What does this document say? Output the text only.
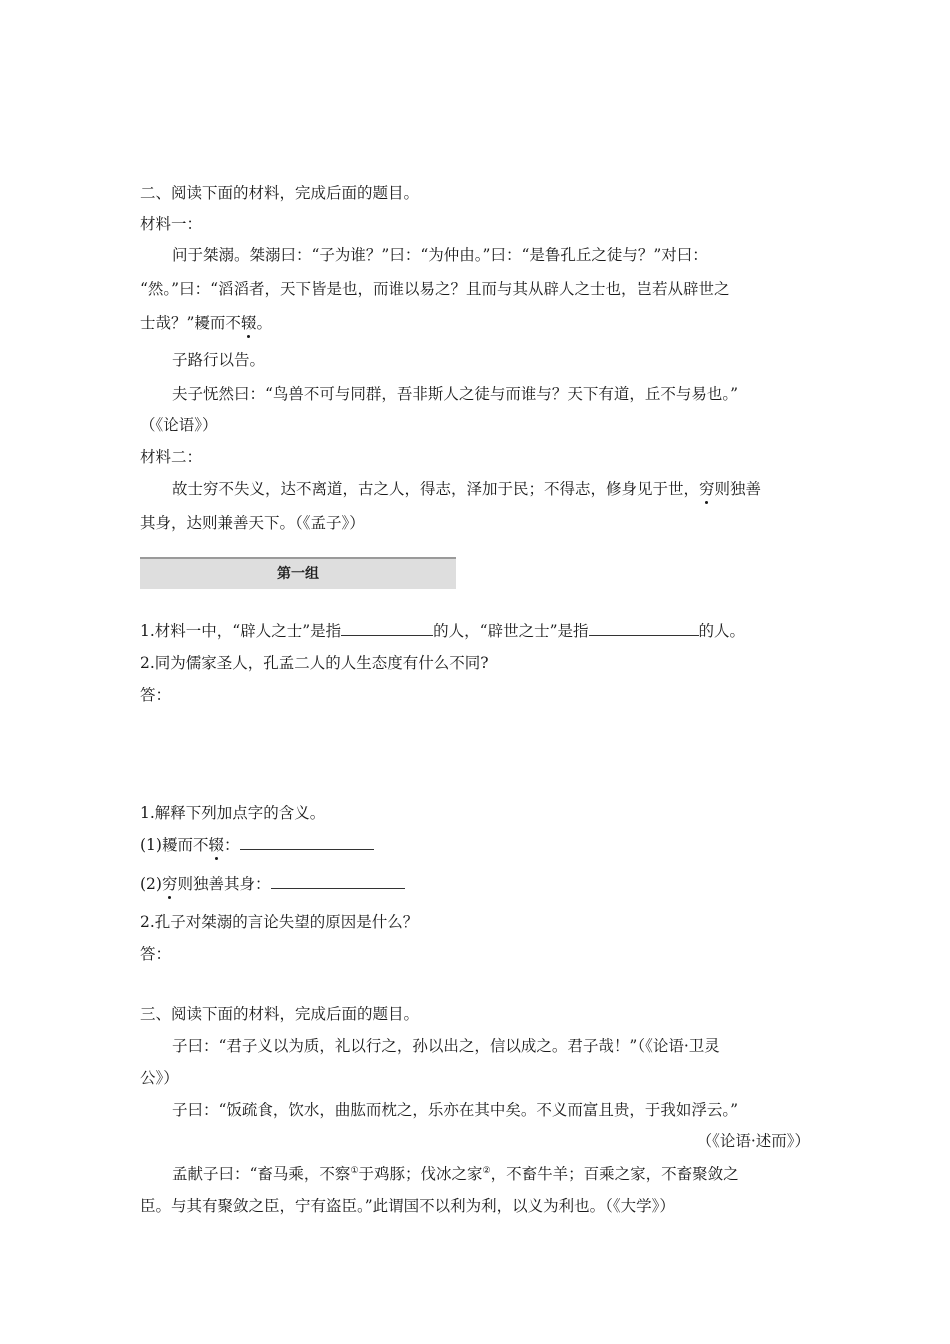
二、阅读下面的材料，完成后面的题目。
材料一：
问于桀溺。桀溺曰：“子为谁？”曰：“为仲由。”曰：“是鲁孔丘之徒与？”对曰：
“然。”曰：“滔滔者，天下皆是也，而谁以易之？且而与其从辟人之士也，岂若从辟世之
士哉？”耰而不辍。
子路行以告。
夫子怃然曰：“鸟兽不可与同群，吾非斯人之徒与而谁与？天下有道，丘不与易也。”
（《论语》）
材料二：
故士穷不失义，达不离道，古之人，得志，泽加于民；不得志，修身见于世，穷则独善
其身，达则兼善天下。（《孟子》）
第一组
1.材料一中，“辟人之士”是指	的人，“辟世之士”是指	的人。
2.同为儒家圣人，孔孟二人的人生态度有什么不同?
答：
1.解释下列加点字的含义。
(1)耰而不辍：
(2)穷则独善其身：
2.孔子对桀溺的言论失望的原因是什么？
答：
三、阅读下面的材料，完成后面的题目。
子曰：“君子义以为质，礼以行之，孙以出之，信以成之。君子哉！”（《论语·卫灵
公》）
子曰：“饭疏食，饮水，曲肱而枕之，乐亦在其中矣。不义而富且贵，于我如浮云。”
（《论语·述而》）
孟献子曰：“畜马乘，不察①于鸡豚；伐冰之家②，不畜牛羊；百乘之家，不畜聚敛之
臣。与其有聚敛之臣，宁有盗臣。”此谓国不以利为利，以义为利也。（《大学》）
